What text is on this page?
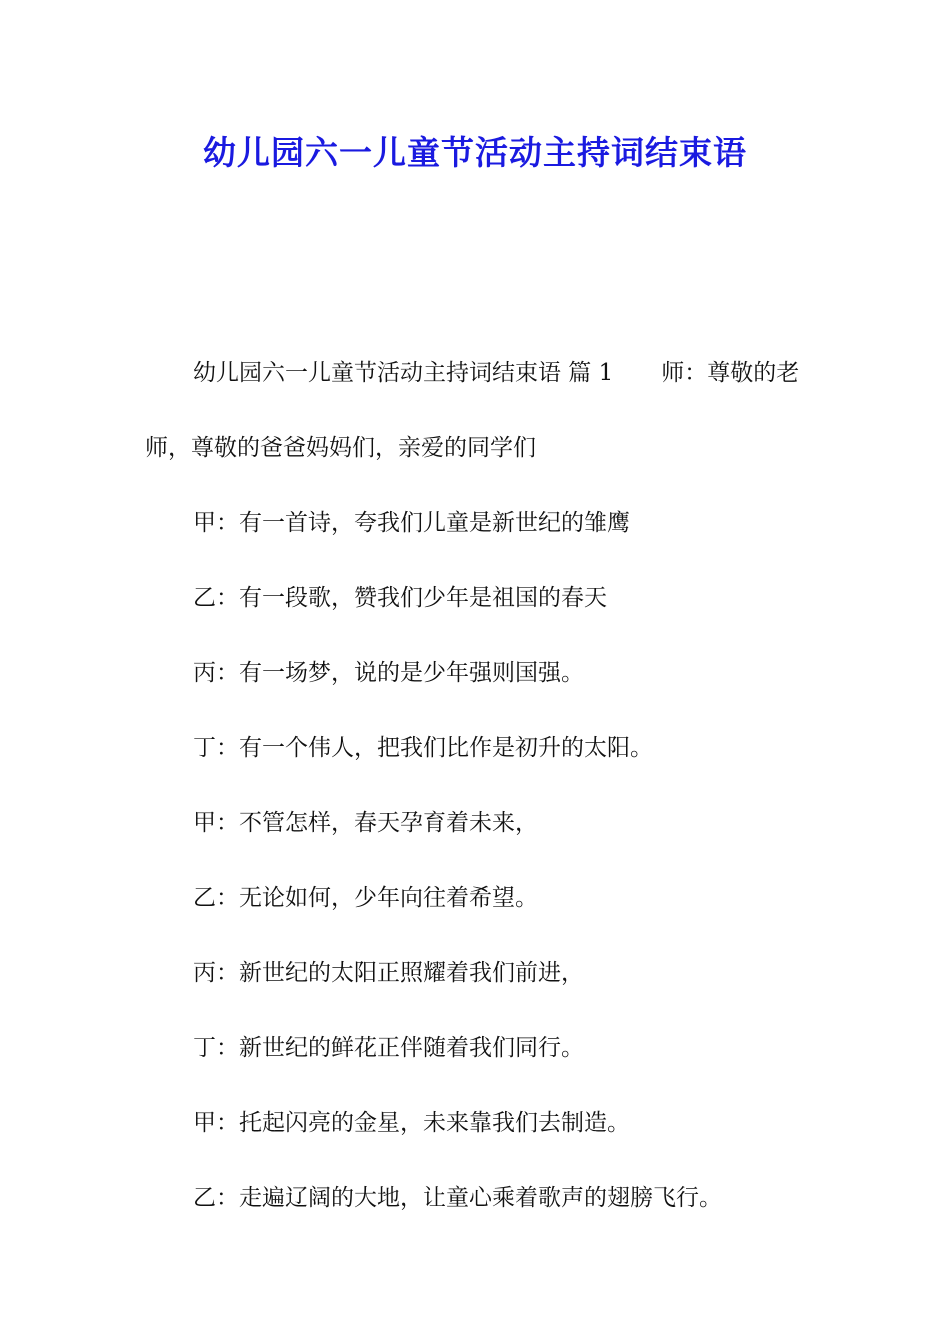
幼儿园六一儿童节活动主持词结束语

幼儿园六一儿童节活动主持词结束语 篇 1 师：尊敬的老师，尊敬的爸爸妈妈们，亲爱的同学们

甲：有一首诗，夸我们儿童是新世纪的雏鹰

乙：有一段歌，赞我们少年是祖国的春天

丙：有一场梦，说的是少年强则国强。

丁：有一个伟人，把我们比作是初升的太阳。

甲：不管怎样，春天孕育着未来，

乙：无论如何，少年向往着希望。

丙：新世纪的太阳正照耀着我们前进，

丁：新世纪的鲜花正伴随着我们同行。

甲：托起闪亮的金星，未来靠我们去制造。

乙：走遍辽阔的大地，让童心乘着歌声的翅膀飞行。
